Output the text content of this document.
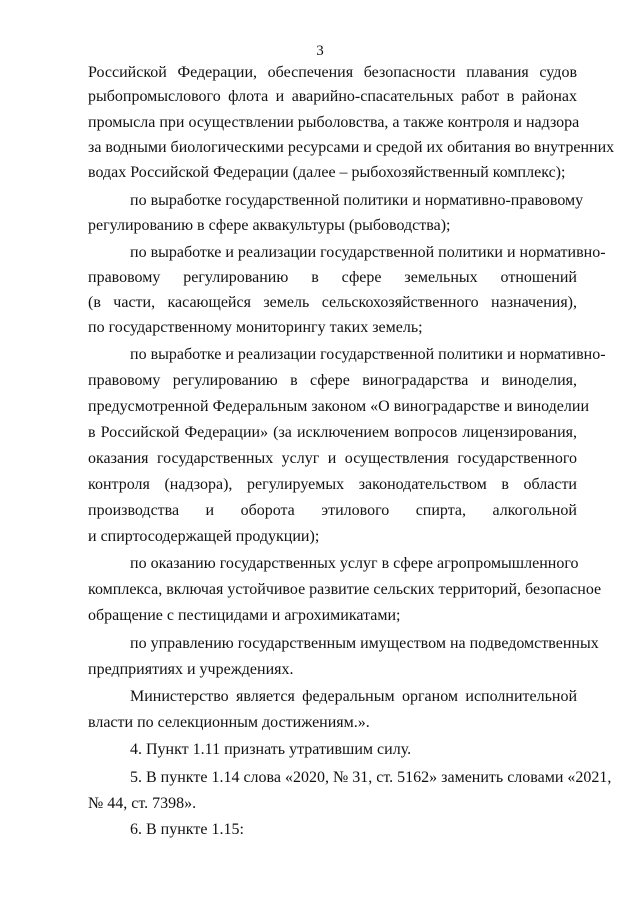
3
Российской Федерации, обеспечения безопасности плавания судов
рыбопромыслового флота и аварийно-спасательных работ в районах
промысла при осуществлении рыболовства, а также контроля и надзора
за водными биологическими ресурсами и средой их обитания во внутренних
водах Российской Федерации (далее – рыбохозяйственный комплекс);
по выработке государственной политики и нормативно-правовому
регулированию в сфере аквакультуры (рыбоводства);
по выработке и реализации государственной политики и нормативно-
правовому регулированию в сфере земельных отношений
(в части, касающейся земель сельскохозяйственного назначения),
по государственному мониторингу таких земель;
по выработке и реализации государственной политики и нормативно-
правовому регулированию в сфере виноградарства и виноделия,
предусмотренной Федеральным законом «О виноградарстве и виноделии
в Российской Федерации» (за исключением вопросов лицензирования,
оказания государственных услуг и осуществления государственного
контроля (надзора), регулируемых законодательством в области
производства и оборота этилового спирта, алкогольной
и спиртосодержащей продукции);
по оказанию государственных услуг в сфере агропромышленного
комплекса, включая устойчивое развитие сельских территорий, безопасное
обращение с пестицидами и агрохимикатами;
по управлению государственным имуществом на подведомственных
предприятиях и учреждениях.
Министерство является федеральным органом исполнительной
власти по селекционным достижениям.».
4. Пункт 1.11 признать утратившим силу.
5. В пункте 1.14 слова «2020, № 31, ст. 5162» заменить словами «2021,
№ 44, ст. 7398».
6. В пункте 1.15:
